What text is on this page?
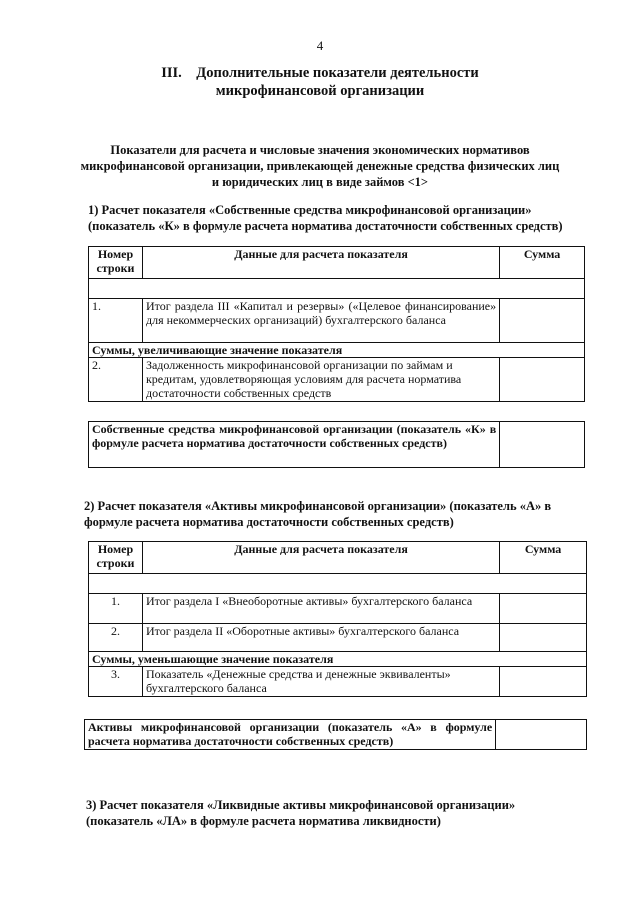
4
III.    Дополнительные показатели деятельности
микрофинансовой организации
Показатели для расчета и числовые значения экономических нормативов
микрофинансовой организации, привлекающей денежные средства физических лиц
и юридических лиц в виде займов <1>
1) Расчет показателя «Собственные средства микрофинансовой организации» (показатель «К» в формуле расчета норматива достаточности собственных средств)
Номер строки	Данные для расчета показателя	Сумма

1.	Итог раздела III «Капитал и резервы» («Целевое финансирование» для некоммерческих организаций) бухгалтерского баланса	
Суммы, увеличивающие значение показателя		
2.	Задолженность микрофинансовой организации по займам и кредитам, удовлетворяющая условиям для расчета норматива достаточности собственных средств	
Собственные средства микрофинансовой организации (показатель «К» в формуле расчета норматива достаточности собственных средств)	
2) Расчет показателя «Активы микрофинансовой организации» (показатель «А» в формуле расчета норматива достаточности собственных средств)
Номер строки	Данные для расчета показателя	Сумма

1.	Итог раздела I «Внеоборотные активы» бухгалтерского баланса	
2.	Итог раздела II «Оборотные активы» бухгалтерского баланса	
Суммы, уменьшающие значение показателя		
3.	Показатель «Денежные средства и денежные эквиваленты» бухгалтерского баланса	
Активы микрофинансовой организации (показатель «А» в формуле расчета норматива достаточности собственных средств)	
3) Расчет показателя «Ликвидные активы микрофинансовой организации» (показатель «ЛА» в формуле расчета норматива ликвидности)
